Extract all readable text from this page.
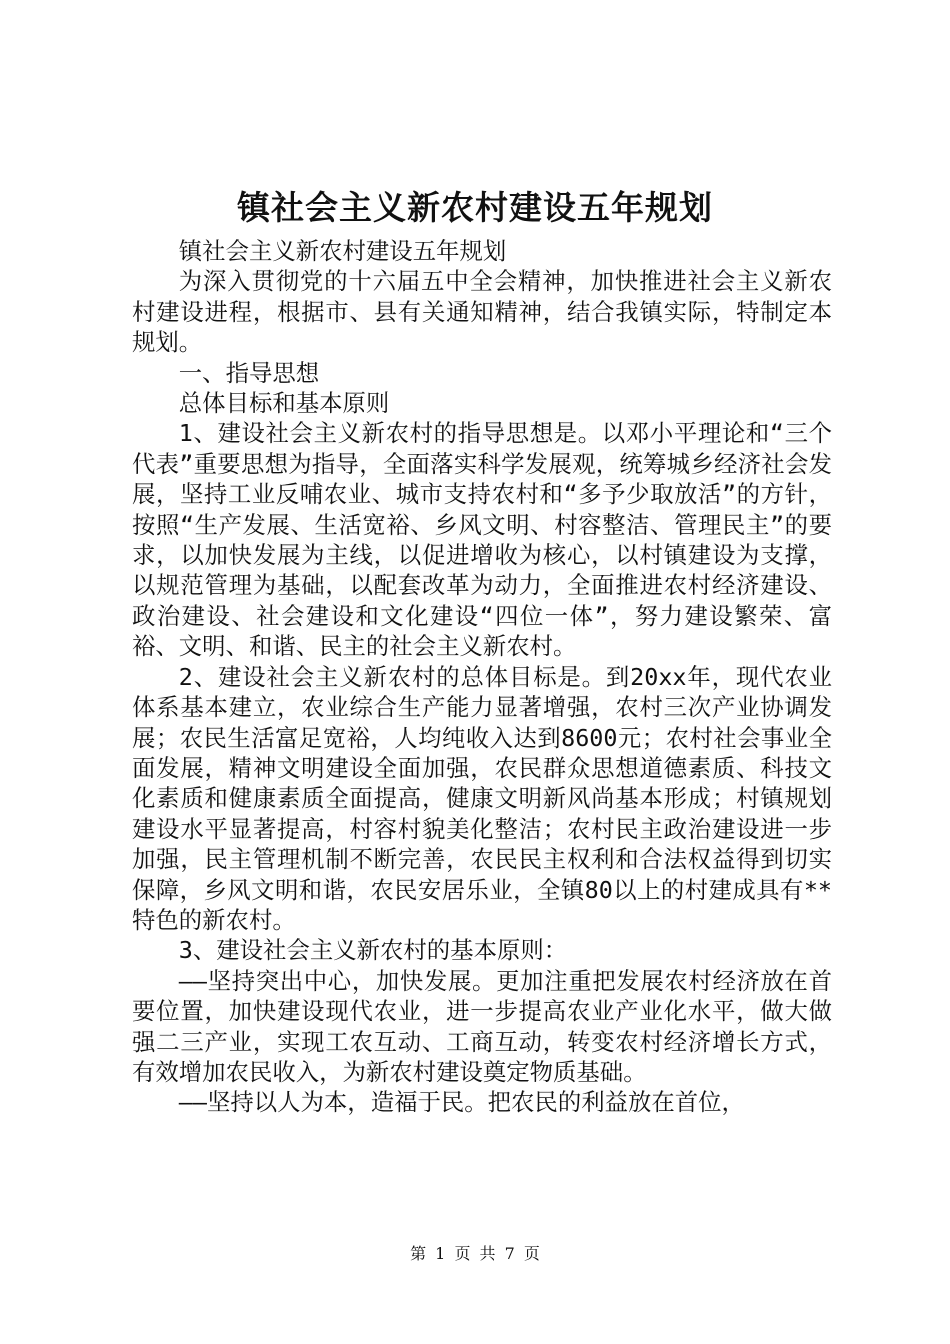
镇社会主义新农村建设五年规划

镇社会主义新农村建设五年规划

为深入贯彻党的十六届五中全会精神，加快推进社会主义新农村建设进程，根据市、县有关通知精神，结合我镇实际，特制定本规划。

一、指导思想

总体目标和基本原则

1、建设社会主义新农村的指导思想是。以邓小平理论和“三个代表”重要思想为指导，全面落实科学发展观，统筹城乡经济社会发展，坚持工业反哺农业、城市支持农村和“多予少取放活”的方针，按照“生产发展、生活宽裕、乡风文明、村容整洁、管理民主”的要求，以加快发展为主线，以促进增收为核心，以村镇建设为支撑，以规范管理为基础，以配套改革为动力，全面推进农村经济建设、政治建设、社会建设和文化建设“四位一体”，努力建设繁荣、富裕、文明、和谐、民主的社会主义新农村。

2、建设社会主义新农村的总体目标是。到20xx年，现代农业体系基本建立，农业综合生产能力显著增强，农村三次产业协调发展；农民生活富足宽裕，人均纯收入达到8600元；农村社会事业全面发展，精神文明建设全面加强，农民群众思想道德素质、科技文化素质和健康素质全面提高，健康文明新风尚基本形成；村镇规划建设水平显著提高，村容村貌美化整洁；农村民主政治建设进一步加强，民主管理机制不断完善，农民民主权利和合法权益得到切实保障，乡风文明和谐，农民安居乐业，全镇80以上的村建成具有**特色的新农村。

3、建设社会主义新农村的基本原则：

——坚持突出中心，加快发展。更加注重把发展农村经济放在首要位置，加快建设现代农业，进一步提高农业产业化水平，做大做强二三产业，实现工农互动、工商互动，转变农村经济增长方式，有效增加农民收入，为新农村建设奠定物质基础。

——坚持以人为本，造福于民。把农民的利益放在首位，

第 1 页 共 7 页
